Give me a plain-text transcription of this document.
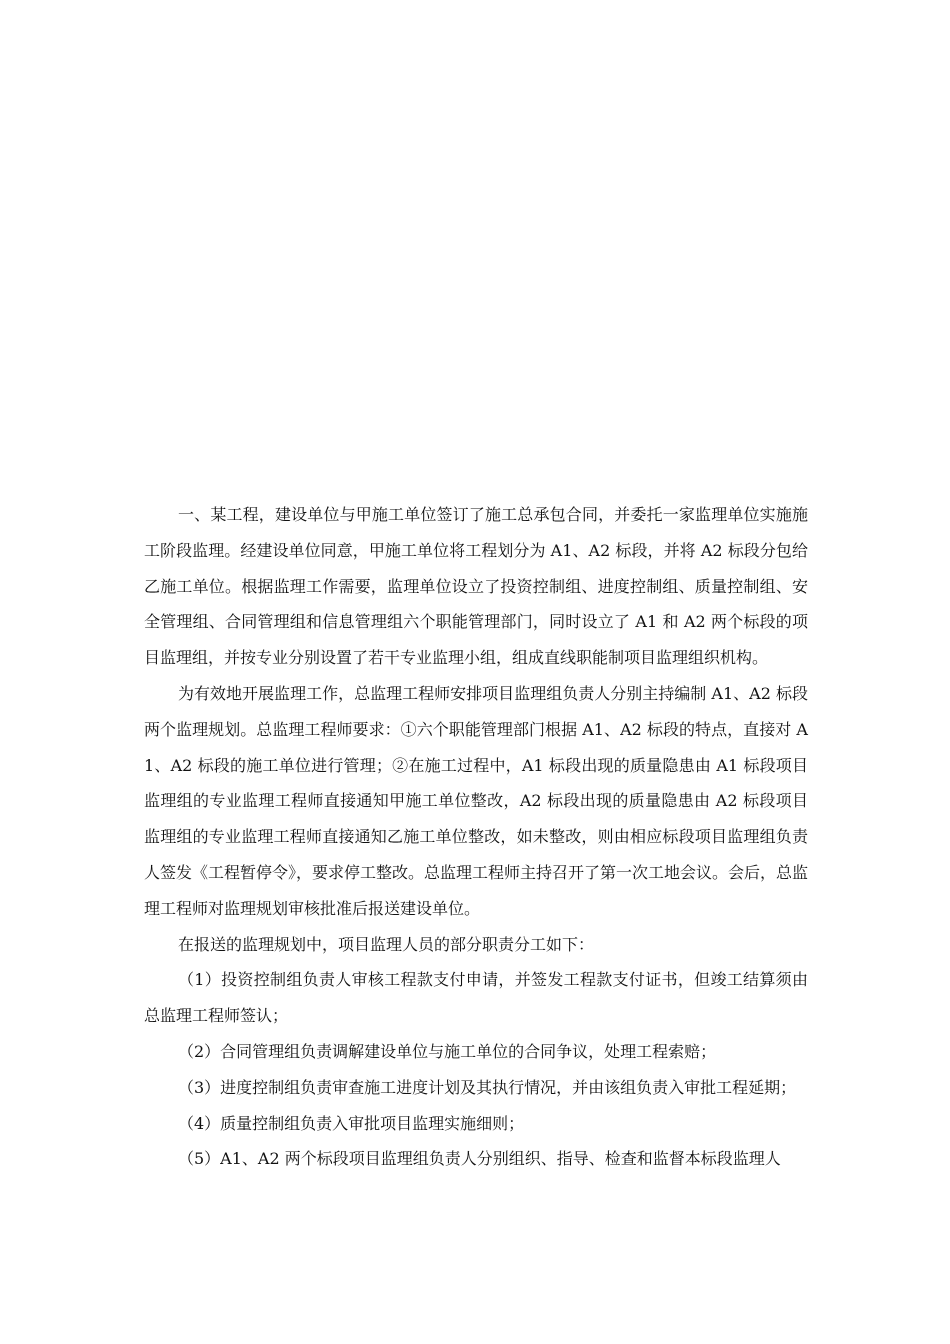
一、某工程，建设单位与甲施工单位签订了施工总承包合同，并委托一家监理单位实施施工阶段监理。经建设单位同意，甲施工单位将工程划分为 A1、A2 标段，并将 A2 标段分包给乙施工单位。根据监理工作需要，监理单位设立了投资控制组、进度控制组、质量控制组、安全管理组、合同管理组和信息管理组六个职能管理部门，同时设立了 A1 和 A2 两个标段的项目监理组，并按专业分别设置了若干专业监理小组，组成直线职能制项目监理组织机构。

为有效地开展监理工作，总监理工程师安排项目监理组负责人分别主持编制 A1、A2 标段两个监理规划。总监理工程师要求：①六个职能管理部门根据 A1、A2 标段的特点，直接对 A1、A2 标段的施工单位进行管理；②在施工过程中，A1 标段出现的质量隐患由 A1 标段项目监理组的专业监理工程师直接通知甲施工单位整改，A2 标段出现的质量隐患由 A2 标段项目监理组的专业监理工程师直接通知乙施工单位整改，如未整改，则由相应标段项目监理组负责人签发《工程暂停令》，要求停工整改。总监理工程师主持召开了第一次工地会议。会后，总监理工程师对监理规划审核批准后报送建设单位。

在报送的监理规划中，项目监理人员的部分职责分工如下：

（1）投资控制组负责人审核工程款支付申请，并签发工程款支付证书，但竣工结算须由总监理工程师签认；

（2）合同管理组负责调解建设单位与施工单位的合同争议，处理工程索赔；

（3）进度控制组负责审查施工进度计划及其执行情况，并由该组负责入审批工程延期；

（4）质量控制组负责入审批项目监理实施细则；

（5）A1、A2 两个标段项目监理组负责人分别组织、指导、检查和监督本标段监理人
